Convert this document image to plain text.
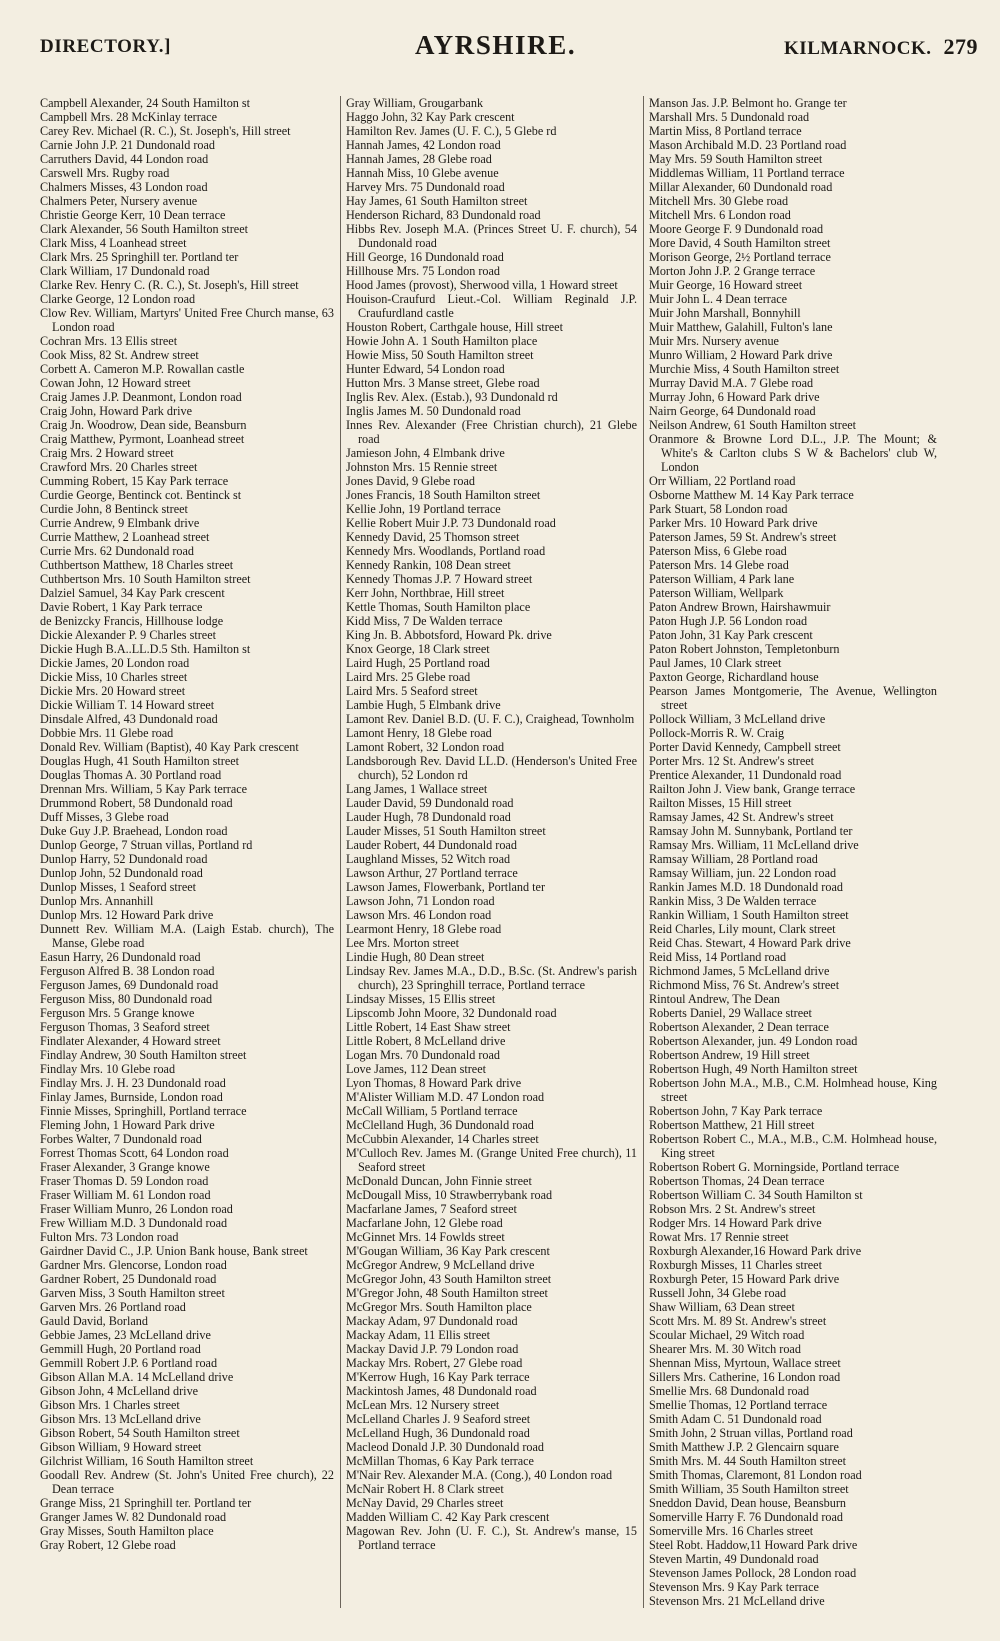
DIRECTORY.]	AYRSHIRE.	KILMARNOCK. 279
Campbell Alexander, 24 South Hamilton st
Campbell Mrs. 28 McKinlay terrace
Carey Rev. Michael (R. C.), St. Joseph's, Hill street
Carnie John J.P. 21 Dundonald road
Carruthers David, 44 London road
Carswell Mrs. Rugby road
Chalmers Misses, 43 London road
Chalmers Peter, Nursery avenue
Christie George Kerr, 10 Dean terrace
Clark Alexander, 56 South Hamilton street
Clark Miss, 4 Loanhead street
Clark Mrs. 25 Springhill ter. Portland ter
Clark William, 17 Dundonald road
Clarke Rev. Henry C. (R. C.), St. Joseph's, Hill street
Clarke George, 12 London road
Clow Rev. William, Martyrs' United Free Church manse, 63 London road
Cochran Mrs. 13 Ellis street
Cook Miss, 82 St. Andrew street
Corbett A. Cameron M.P. Rowallan castle
Cowan John, 12 Howard street
Craig James J.P. Deanmont, London road
Craig John, Howard Park drive
Craig Jn. Woodrow, Dean side, Beansburn
Craig Matthew, Pyrmont, Loanhead street
Craig Mrs. 2 Howard street
Crawford Mrs. 20 Charles street
Cumming Robert, 15 Kay Park terrace
Curdie George, Bentinck cot. Bentinck st
Curdie John, 8 Bentinck street
Currie Andrew, 9 Elmbank drive
Currie Matthew, 2 Loanhead street
Currie Mrs. 62 Dundonald road
Cuthbertson Matthew, 18 Charles street
Cuthbertson Mrs. 10 South Hamilton street
Dalziel Samuel, 34 Kay Park crescent
Davie Robert, 1 Kay Park terrace
de Benizcky Francis, Hillhouse lodge
Dickie Alexander P. 9 Charles street
Dickie Hugh B.A..LL.D.5 Sth. Hamilton st
Dickie James, 20 London road
Dickie Miss, 10 Charles street
Dickie Mrs. 20 Howard street
Dickie William T. 14 Howard street
Dinsdale Alfred, 43 Dundonald road
Dobbie Mrs. 11 Glebe road
Donald Rev. William (Baptist), 40 Kay Park crescent
Douglas Hugh, 41 South Hamilton street
Douglas Thomas A. 30 Portland road
Drennan Mrs. William, 5 Kay Park terrace
Drummond Robert, 58 Dundonald road
Duff Misses, 3 Glebe road
Duke Guy J.P. Braehead, London road
Dunlop George, 7 Struan villas, Portland rd
Dunlop Harry, 52 Dundonald road
Dunlop John, 52 Dundonald road
Dunlop Misses, 1 Seaford street
Dunlop Mrs. Annanhill
Dunlop Mrs. 12 Howard Park drive
Dunnett Rev. William M.A. (Laigh Estab. church), The Manse, Glebe road
Easun Harry, 26 Dundonald road
Ferguson Alfred B. 38 London road
Ferguson James, 69 Dundonald road
Ferguson Miss, 80 Dundonald road
Ferguson Mrs. 5 Grange knowe
Ferguson Thomas, 3 Seaford street
Findlater Alexander, 4 Howard street
Findlay Andrew, 30 South Hamilton street
Findlay Mrs. 10 Glebe road
Findlay Mrs. J. H. 23 Dundonald road
Finlay James, Burnside, London road
Finnie Misses, Springhill, Portland terrace
Fleming John, 1 Howard Park drive
Forbes Walter, 7 Dundonald road
Forrest Thomas Scott, 64 London road
Fraser Alexander, 3 Grange knowe
Fraser Thomas D. 59 London road
Fraser William M. 61 London road
Fraser William Munro, 26 London road
Frew William M.D. 3 Dundonald road
Fulton Mrs. 73 London road
Gairdner David C., J.P. Union Bank house, Bank street
Gardner Mrs. Glencorse, London road
Gardner Robert, 25 Dundonald road
Garven Miss, 3 South Hamilton street
Garven Mrs. 26 Portland road
Gauld David, Borland
Gebbie James, 23 McLelland drive
Gemmill Hugh, 20 Portland road
Gemmill Robert J.P. 6 Portland road
Gibson Allan M.A. 14 McLelland drive
Gibson John, 4 McLelland drive
Gibson Mrs. 1 Charles street
Gibson Mrs. 13 McLelland drive
Gibson Robert, 54 South Hamilton street
Gibson William, 9 Howard street
Gilchrist William, 16 South Hamilton street
Goodall Rev. Andrew (St. John's United Free church), 22 Dean terrace
Grange Miss, 21 Springhill ter. Portland ter
Granger James W. 82 Dundonald road
Gray Misses, South Hamilton place
Gray Robert, 12 Glebe road
Gray William, Grougarbank
Haggo John, 32 Kay Park crescent
Hamilton Rev. James (U. F. C.), 5 Glebe rd
Hannah James, 42 London road
Hannah James, 28 Glebe road
Hannah Miss, 10 Glebe avenue
Harvey Mrs. 75 Dundonald road
Hay James, 61 South Hamilton street
Henderson Richard, 83 Dundonald road
Hibbs Rev. Joseph M.A. (Princes Street U. F. church), 54 Dundonald road
Hill George, 16 Dundonald road
Hillhouse Mrs. 75 London road
Hood James (provost), Sherwood villa, 1 Howard street
Houison-Craufurd Lieut.-Col. William Reginald J.P. Craufurdland castle
Houston Robert, Carthgale house, Hill street
Howie John A. 1 South Hamilton place
Howie Miss, 50 South Hamilton street
Hunter Edward, 54 London road
Hutton Mrs. 3 Manse street, Glebe road
Inglis Rev. Alex. (Estab.), 93 Dundonald rd
Inglis James M. 50 Dundonald road
Innes Rev. Alexander (Free Christian church), 21 Glebe road
Jamieson John, 4 Elmbank drive
Johnston Mrs. 15 Rennie street
Jones David, 9 Glebe road
Jones Francis, 18 South Hamilton street
Kellie John, 19 Portland terrace
Kellie Robert Muir J.P. 73 Dundonald road
Kennedy David, 25 Thomson street
Kennedy Mrs. Woodlands, Portland road
Kennedy Rankin, 108 Dean street
Kennedy Thomas J.P. 7 Howard street
Kerr John, Northbrae, Hill street
Kettle Thomas, South Hamilton place
Kidd Miss, 7 De Walden terrace
King Jn. B. Abbotsford, Howard Pk. drive
Knox George, 18 Clark street
Laird Hugh, 25 Portland road
Laird Mrs. 25 Glebe road
Laird Mrs. 5 Seaford street
Lambie Hugh, 5 Elmbank drive
Lamont Rev. Daniel B.D. (U. F. C.), Craighead, Townholm
Lamont Henry, 18 Glebe road
Lamont Robert, 32 London road
Landsborough Rev. David LL.D. (Henderson's United Free church), 52 London rd
Lang James, 1 Wallace street
Lauder David, 59 Dundonald road
Lauder Hugh, 78 Dundonald road
Lauder Misses, 51 South Hamilton street
Lauder Robert, 44 Dundonald road
Laughland Misses, 52 Witch road
Lawson Arthur, 27 Portland terrace
Lawson James, Flowerbank, Portland ter
Lawson John, 71 London road
Lawson Mrs. 46 London road
Learmont Henry, 18 Glebe road
Lee Mrs. Morton street
Lindie Hugh, 80 Dean street
Lindsay Rev. James M.A., D.D., B.Sc. (St. Andrew's parish church), 23 Springhill terrace, Portland terrace
Lindsay Misses, 15 Ellis street
Lipscomb John Moore, 32 Dundonald road
Little Robert, 14 East Shaw street
Little Robert, 8 McLelland drive
Logan Mrs. 70 Dundonald road
Love James, 112 Dean street
Lyon Thomas, 8 Howard Park drive
M'Alister William M.D. 47 London road
McCall William, 5 Portland terrace
McClelland Hugh, 36 Dundonald road
McCubbin Alexander, 14 Charles street
M'Culloch Rev. James M. (Grange United Free church), 11 Seaford street
McDonald Duncan, John Finnie street
McDougall Miss, 10 Strawberrybank road
Macfarlane James, 7 Seaford street
Macfarlane John, 12 Glebe road
McGinnet Mrs. 14 Fowlds street
M'Gougan William, 36 Kay Park crescent
McGregor Andrew, 9 McLelland drive
McGregor John, 43 South Hamilton street
M'Gregor John, 48 South Hamilton street
McGregor Mrs. South Hamilton place
Mackay Adam, 97 Dundonald road
Mackay Adam, 11 Ellis street
Mackay David J.P. 79 London road
Mackay Mrs. Robert, 27 Glebe road
M'Kerrow Hugh, 16 Kay Park terrace
Mackintosh James, 48 Dundonald road
McLean Mrs. 12 Nursery street
McLelland Charles J. 9 Seaford street
McLelland Hugh, 36 Dundonald road
Macleod Donald J.P. 30 Dundonald road
McMillan Thomas, 6 Kay Park terrace
M'Nair Rev. Alexander M.A. (Cong.), 40 London road
McNair Robert H. 8 Clark street
McNay David, 29 Charles street
Madden William C. 42 Kay Park crescent
Magowan Rev. John (U. F. C.), St. Andrew's manse, 15 Portland terrace
Manson Jas. J.P. Belmont ho. Grange ter
Marshall Mrs. 5 Dundonald road
Martin Miss, 8 Portland terrace
Mason Archibald M.D. 23 Portland road
May Mrs. 59 South Hamilton street
Middlemas William, 11 Portland terrace
Millar Alexander, 60 Dundonald road
Mitchell Mrs. 30 Glebe road
Mitchell Mrs. 6 London road
Moore George F. 9 Dundonald road
More David, 4 South Hamilton street
Morison George, 2½ Portland terrace
Morton John J.P. 2 Grange terrace
Muir George, 16 Howard street
Muir John L. 4 Dean terrace
Muir John Marshall, Bonnyhill
Muir Matthew, Galahill, Fulton's lane
Muir Mrs. Nursery avenue
Munro William, 2 Howard Park drive
Murchie Miss, 4 South Hamilton street
Murray David M.A. 7 Glebe road
Murray John, 6 Howard Park drive
Nairn George, 64 Dundonald road
Neilson Andrew, 61 South Hamilton street
Oranmore & Browne Lord D.L., J.P. The Mount; & White's & Carlton clubs S W & Bachelors' club W, London
Orr William, 22 Portland road
Osborne Matthew M. 14 Kay Park terrace
Park Stuart, 58 London road
Parker Mrs. 10 Howard Park drive
Paterson James, 59 St. Andrew's street
Paterson Miss, 6 Glebe road
Paterson Mrs. 14 Glebe road
Paterson William, 4 Park lane
Paterson William, Wellpark
Paton Andrew Brown, Hairshawmuir
Paton Hugh J.P. 56 London road
Paton John, 31 Kay Park crescent
Paton Robert Johnston, Templetonburn
Paul James, 10 Clark street
Paxton George, Richardland house
Pearson James Montgomerie, The Avenue, Wellington street
Pollock William, 3 McLelland drive
Pollock-Morris R. W. Craig
Porter David Kennedy, Campbell street
Porter Mrs. 12 St. Andrew's street
Prentice Alexander, 11 Dundonald road
Railton John J. View bank, Grange terrace
Railton Misses, 15 Hill street
Ramsay James, 42 St. Andrew's street
Ramsay John M. Sunnybank, Portland ter
Ramsay Mrs. William, 11 McLelland drive
Ramsay William, 28 Portland road
Ramsay William, jun. 22 London road
Rankin James M.D. 18 Dundonald road
Rankin Miss, 3 De Walden terrace
Rankin William, 1 South Hamilton street
Reid Charles, Lily mount, Clark street
Reid Chas. Stewart, 4 Howard Park drive
Reid Miss, 14 Portland road
Richmond James, 5 McLelland drive
Richmond Miss, 76 St. Andrew's street
Rintoul Andrew, The Dean
Roberts Daniel, 29 Wallace street
Robertson Alexander, 2 Dean terrace
Robertson Alexander, jun. 49 London road
Robertson Andrew, 19 Hill street
Robertson Hugh, 49 North Hamilton street
Robertson John M.A., M.B., C.M. Holmhead house, King street
Robertson John, 7 Kay Park terrace
Robertson Matthew, 21 Hill street
Robertson Robert C., M.A., M.B., C.M. Holmhead house, King street
Robertson Robert G. Morningside, Portland terrace
Robertson Thomas, 24 Dean terrace
Robertson William C. 34 South Hamilton st
Robson Mrs. 2 St. Andrew's street
Rodger Mrs. 14 Howard Park drive
Rowat Mrs. 17 Rennie street
Roxburgh Alexander,16 Howard Park drive
Roxburgh Misses, 11 Charles street
Roxburgh Peter, 15 Howard Park drive
Russell John, 34 Glebe road
Shaw William, 63 Dean street
Scott Mrs. M. 89 St. Andrew's street
Scoular Michael, 29 Witch road
Shearer Mrs. M. 30 Witch road
Shennan Miss, Myrtoun, Wallace street
Sillers Mrs. Catherine, 16 London road
Smellie Mrs. 68 Dundonald road
Smellie Thomas, 12 Portland terrace
Smith Adam C. 51 Dundonald road
Smith John, 2 Struan villas, Portland road
Smith Matthew J.P. 2 Glencairn square
Smith Mrs. M. 44 South Hamilton street
Smith Thomas, Claremont, 81 London road
Smith William, 35 South Hamilton street
Sneddon David, Dean house, Beansburn
Somerville Harry F. 76 Dundonald road
Somerville Mrs. 16 Charles street
Steel Robt. Haddow,11 Howard Park drive
Steven Martin, 49 Dundonald road
Stevenson James Pollock, 28 London road
Stevenson Mrs. 9 Kay Park terrace
Stevenson Mrs. 21 McLelland drive
